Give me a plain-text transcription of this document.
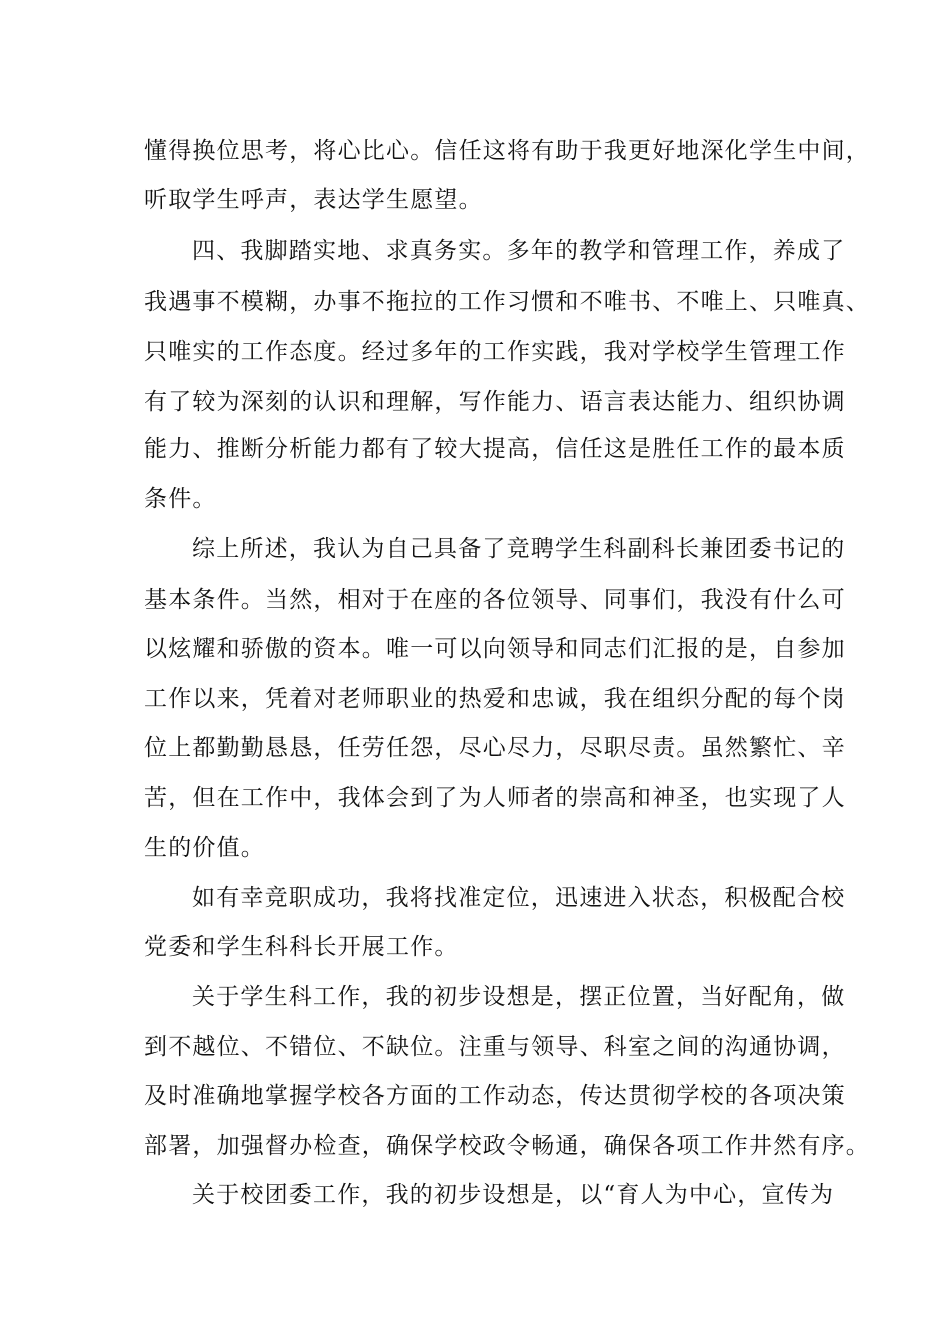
懂得换位思考，将心比心。信任这将有助于我更好地深化学生中间，
听取学生呼声，表达学生愿望。
四、我脚踏实地、求真务实。多年的教学和管理工作，养成了
我遇事不模糊，办事不拖拉的工作习惯和不唯书、不唯上、只唯真、
只唯实的工作态度。经过多年的工作实践，我对学校学生管理工作
有了较为深刻的认识和理解，写作能力、语言表达能力、组织协调
能力、推断分析能力都有了较大提高，信任这是胜任工作的最本质
条件。
综上所述，我认为自己具备了竞聘学生科副科长兼团委书记的
基本条件。当然，相对于在座的各位领导、同事们，我没有什么可
以炫耀和骄傲的资本。唯一可以向领导和同志们汇报的是，自参加
工作以来，凭着对老师职业的热爱和忠诚，我在组织分配的每个岗
位上都勤勤恳恳，任劳任怨，尽心尽力，尽职尽责。虽然繁忙、辛
苦，但在工作中，我体会到了为人师者的崇高和神圣，也实现了人
生的价值。
如有幸竞职成功，我将找准定位，迅速进入状态，积极配合校
党委和学生科科长开展工作。
关于学生科工作，我的初步设想是，摆正位置，当好配角，做
到不越位、不错位、不缺位。注重与领导、科室之间的沟通协调，
及时准确地掌握学校各方面的工作动态，传达贯彻学校的各项决策
部署，加强督办检查，确保学校政令畅通，确保各项工作井然有序。
关于校团委工作，我的初步设想是，以“育人为中心，宣传为
